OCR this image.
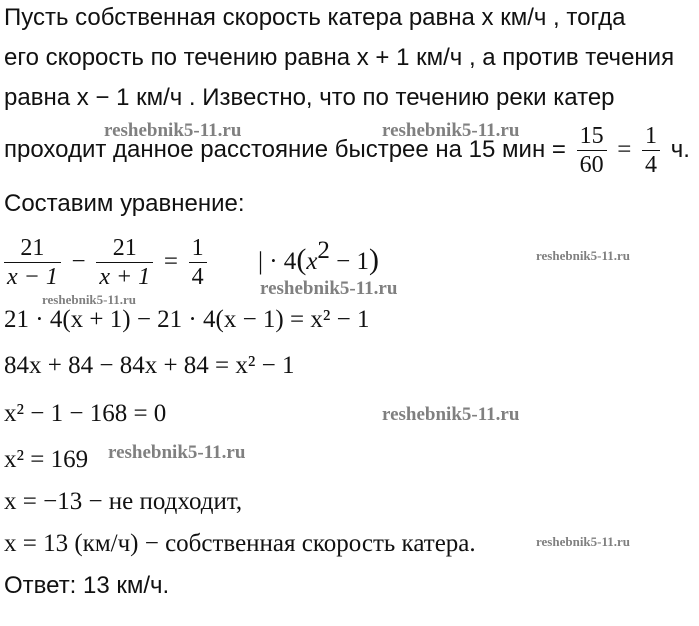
Пусть собственная скорость катера равна x км/ч , тогда
его скорость по течению равна x + 1 км/ч , а против течения
равна x − 1 км/ч . Известно, что по течению реки катер
проходит данное расстояние быстрее на 15 мин = $\frac{15}{60} = \frac{1}{4} ч$.
Составим уравнение:
$\frac{21}{x - 1} - \frac{21}{x + 1} = \frac{1}{4}$ | · $4(x^2 - 1)$
21 · 4(x + 1) − 21 · 4(x − 1) = x² − 1
84x + 84 − 84x + 84 = x² − 1
x² − 1 − 168 = 0
x² = 169
x = −13 − не подходит,
x = 13 (км/ч) − собственная скорость катера.
Ответ: 13 км/ч.
reshebnik5-11.ru	reshebnik5-11.ru
reshebnik5-11.ru
reshebnik5-11.ru
reshebnik5-11.ru
reshebnik5-11.ru
reshebnik5-11.ru
reshebnik5-11.ru
